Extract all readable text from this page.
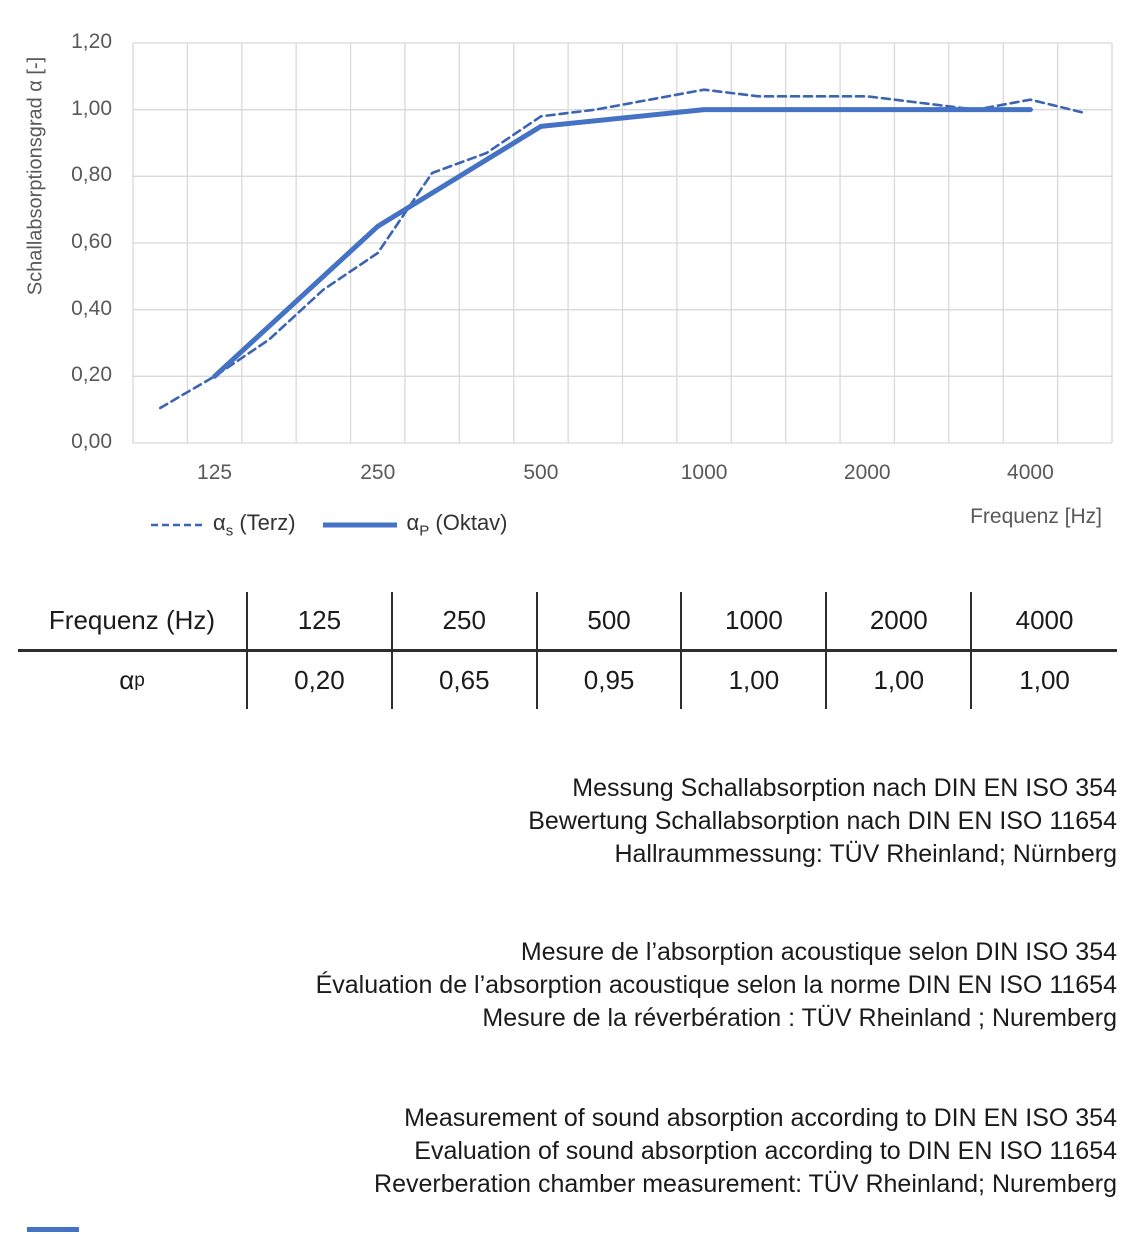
Schallabsorptionsgrad α [-]
1,20
1,00
0,80
0,60
0,40
0,20
0,00
125	250	500	1000	2000	4000
Frequenz [Hz]
$\alpha_s$ (Terz)	$\alpha_P$ (Oktav)
Frequenz (Hz)	125	250	500	1000	2000	4000
α p	0,20	0,65	0,95	1,00	1,00	1,00
Messung Schallabsorption nach DIN EN ISO 354
Bewertung Schallabsorption nach DIN EN ISO 11654
Hallraummessung: TÜV Rheinland; Nürnberg
Mesure de l’absorption acoustique selon DIN ISO 354
Évaluation de l’absorption acoustique selon la norme DIN EN ISO 11654
Mesure de la réverbération : TÜV Rheinland ; Nuremberg
Measurement of sound absorption according to DIN EN ISO 354
Evaluation of sound absorption according to DIN EN ISO 11654
Reverberation chamber measurement: TÜV Rheinland; Nuremberg
